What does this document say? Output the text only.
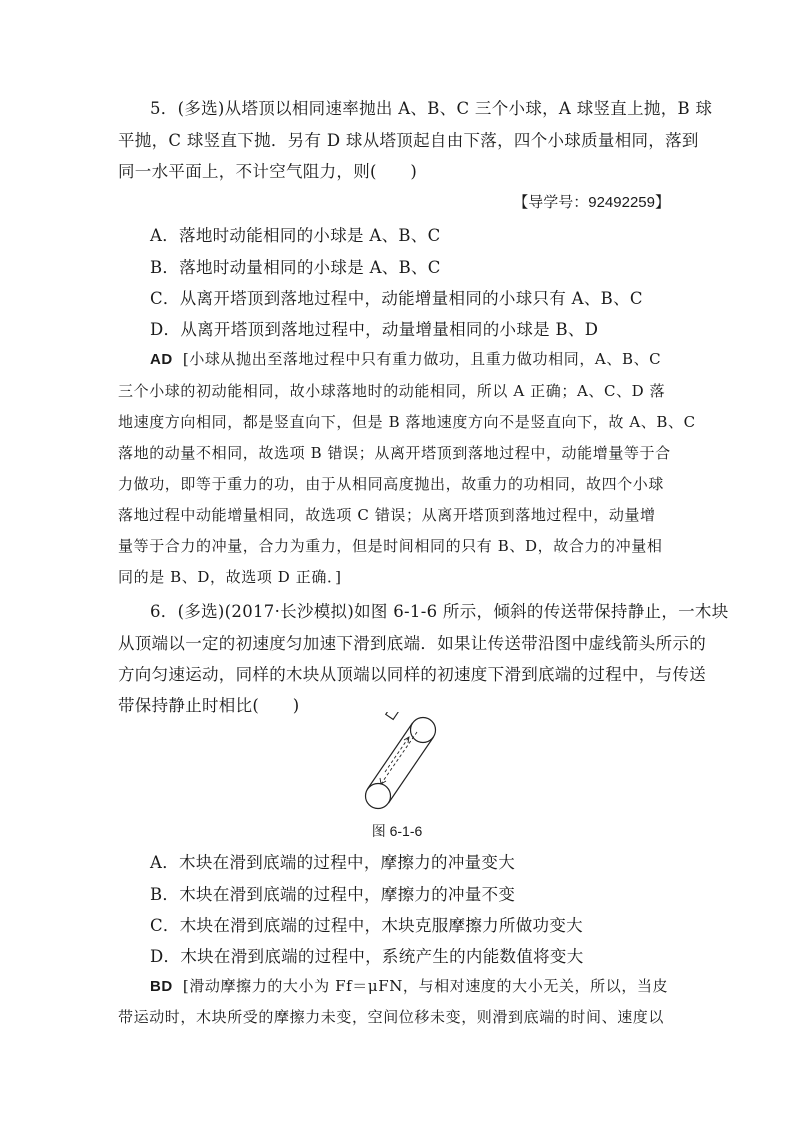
5．(多选)从塔顶以相同速率抛出 A、B、C 三个小球，A 球竖直上抛，B 球
平抛，C 球竖直下抛．另有 D 球从塔顶起自由下落，四个小球质量相同，落到
同一水平面上，不计空气阻力，则(　　)
【导学号：92492259】
A．落地时动能相同的小球是 A、B、C
B．落地时动量相同的小球是 A、B、C
C．从离开塔顶到落地过程中，动能增量相同的小球只有 A、B、C
D．从离开塔顶到落地过程中，动量增量相同的小球是 B、D
AD [小球从抛出至落地过程中只有重力做功，且重力做功相同，A、B、C
三个小球的初动能相同，故小球落地时的动能相同，所以 A 正确；A、C、D 落
地速度方向相同，都是竖直向下，但是 B 落地速度方向不是竖直向下，故 A、B、C
落地的动量不相同，故选项 B 错误；从离开塔顶到落地过程中，动能增量等于合
力做功，即等于重力的功，由于从相同高度抛出，故重力的功相同，故四个小球
落地过程中动能增量相同，故选项 C 错误；从离开塔顶到落地过程中，动量增
量等于合力的冲量，合力为重力，但是时间相同的只有 B、D，故合力的冲量相
同的是 B、D，故选项 D 正确．]
6．(多选)(2017·长沙模拟)如图 6-1-6 所示，倾斜的传送带保持静止，一木块
从顶端以一定的初速度匀加速下滑到底端．如果让传送带沿图中虚线箭头所示的
方向匀速运动，同样的木块从顶端以同样的初速度下滑到底端的过程中，与传送
带保持静止时相比(　　)
图 6-1-6
A．木块在滑到底端的过程中，摩擦力的冲量变大
B．木块在滑到底端的过程中，摩擦力的冲量不变
C．木块在滑到底端的过程中，木块克服摩擦力所做功变大
D．木块在滑到底端的过程中，系统产生的内能数值将变大
BD [滑动摩擦力的大小为 Ff＝μFN，与相对速度的大小无关，所以，当皮
带运动时，木块所受的摩擦力未变，空间位移未变，则滑到底端的时间、速度以
